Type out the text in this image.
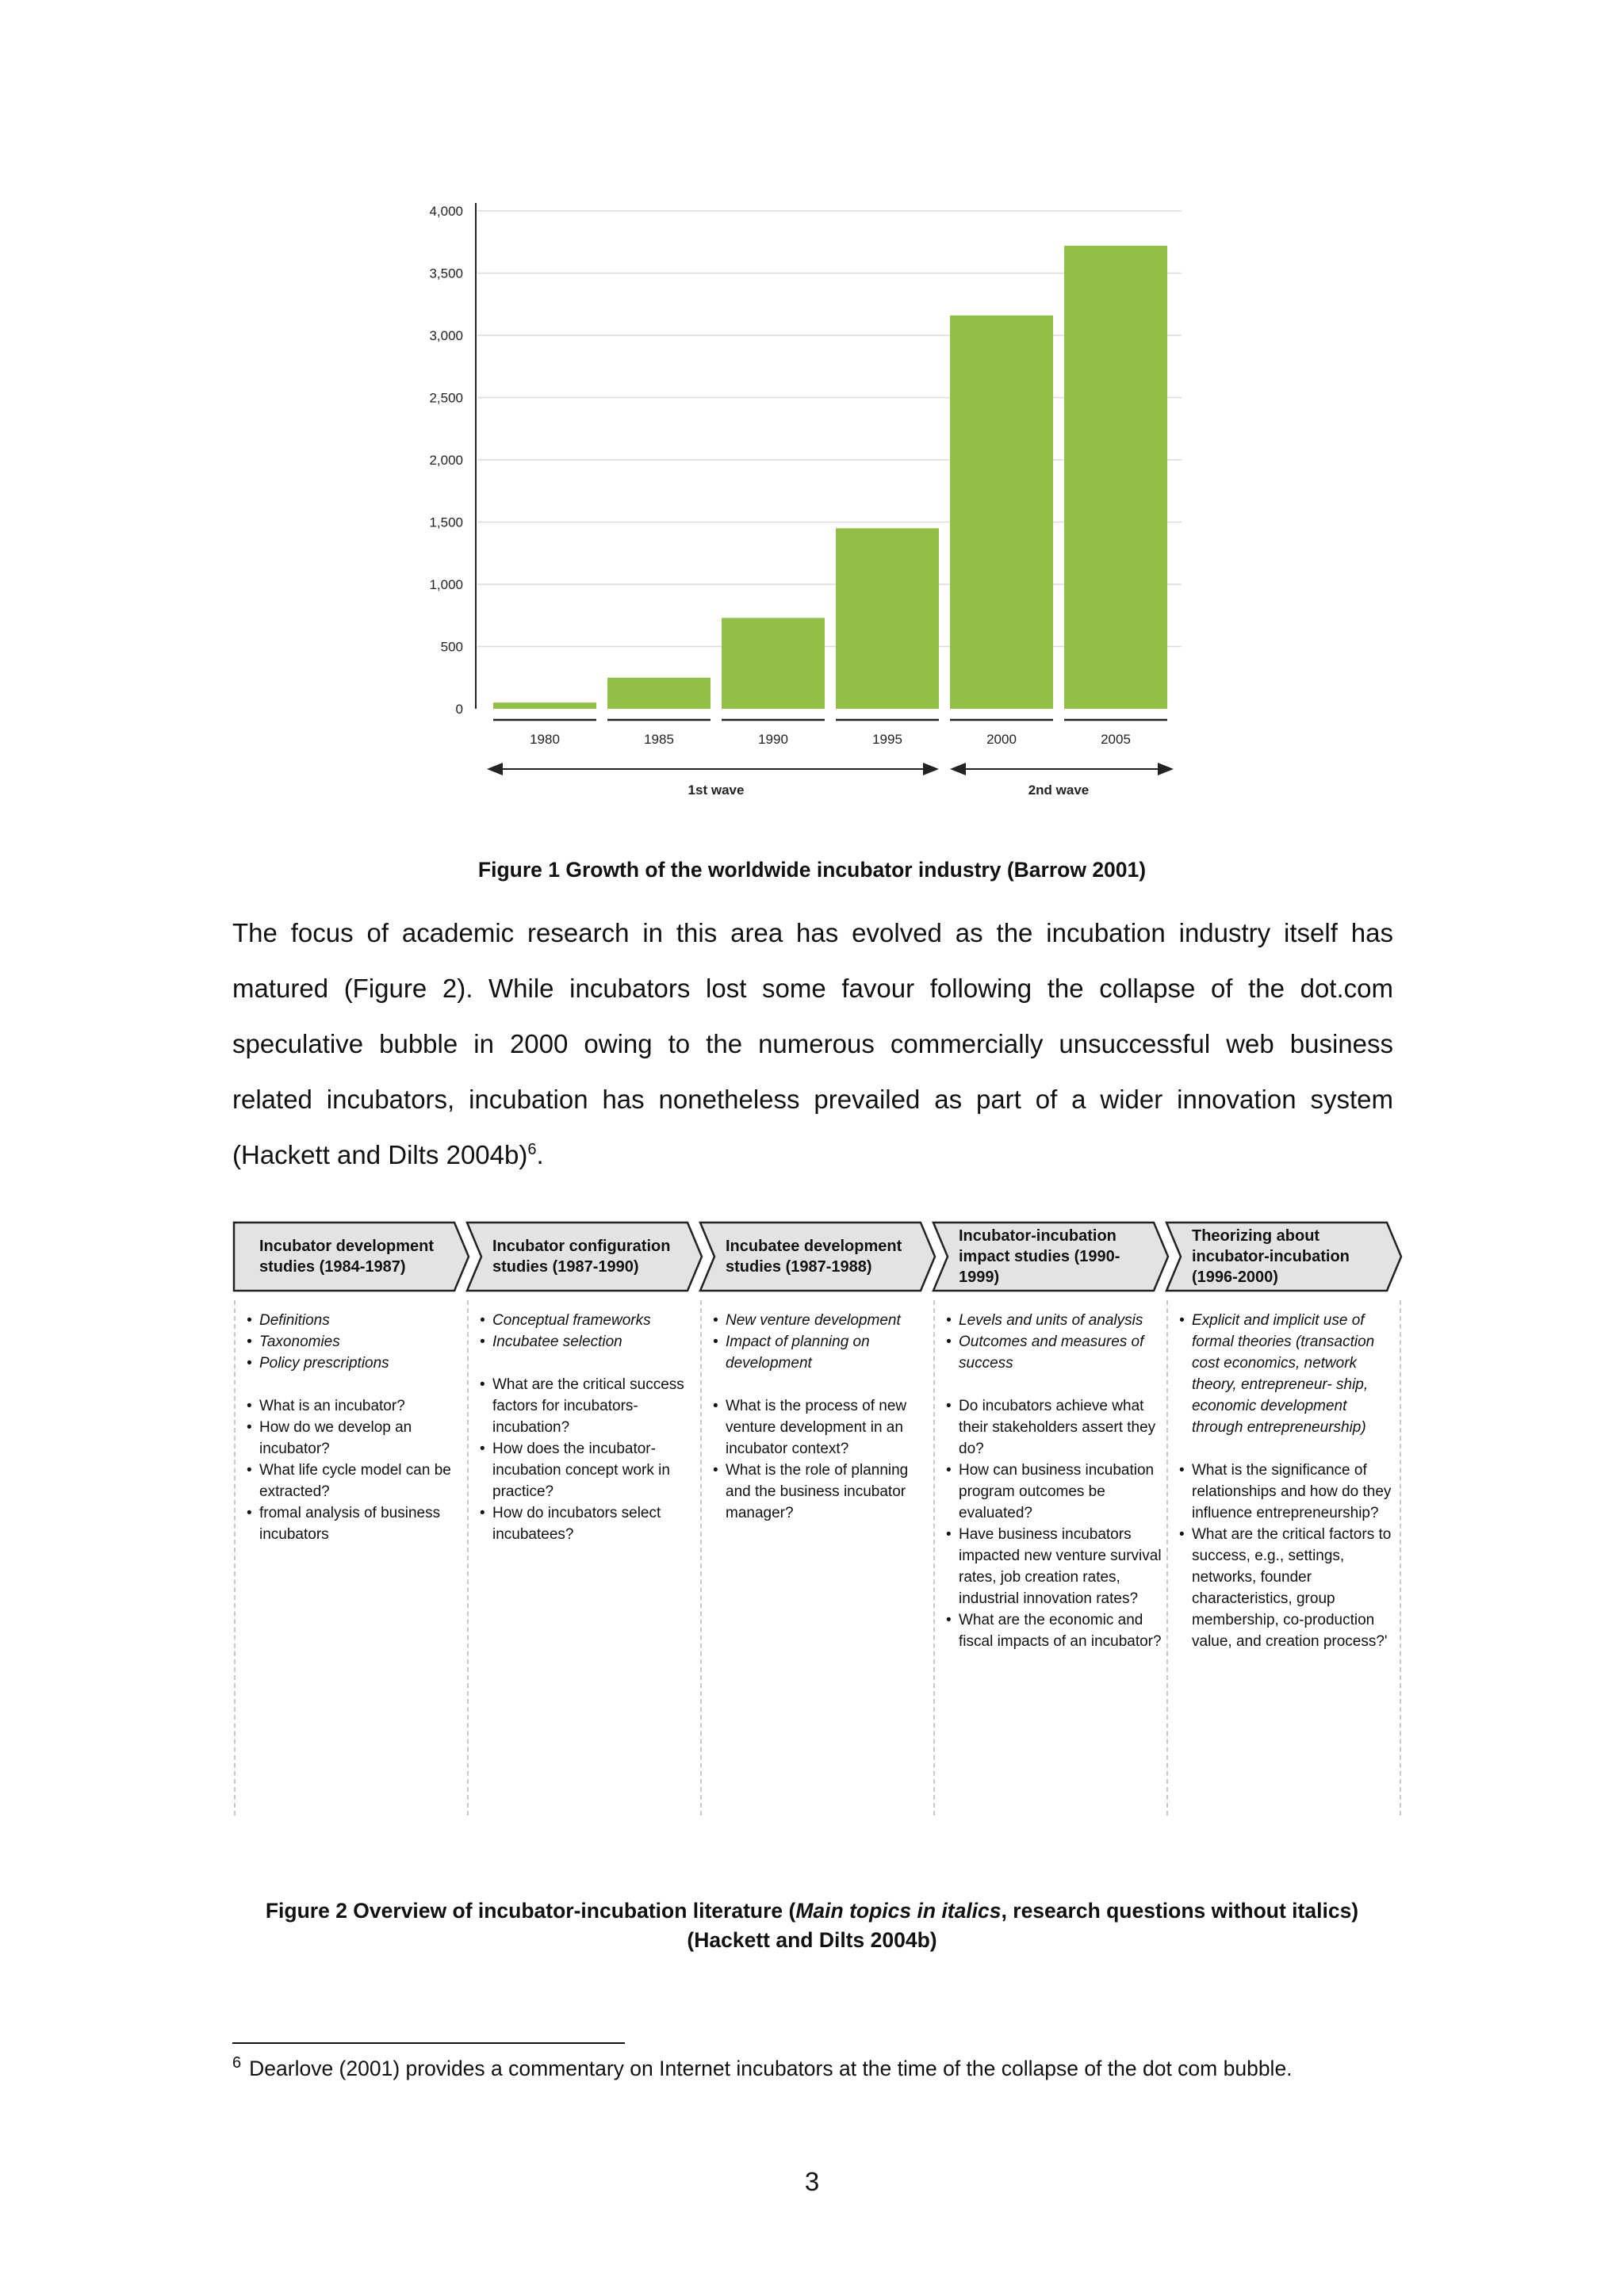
0
500
1,000
1,500
2,000
2,500
3,000
3,500
4,000
1980	1985	1990	1995	2000	2005
1st wave	2nd wave
Figure 1 Growth of the worldwide incubator industry (Barrow 2001)
The focus of academic research in this area has evolved as the incubation industry itself has
matured (Figure 2). While incubators lost some favour following the collapse of the dot.com
speculative bubble in 2000 owing to the numerous commercially unsuccessful web business
related incubators, incubation has nonetheless prevailed as part of a wider innovation system
(Hackett and Dilts 2004b)$^6$.
Incubator development studies (1984-1987)
• Definitions
• Taxonomies
• Policy prescriptions
• What is an incubator?
• How do we develop an incubator?
• What life cycle model can be extracted?
• fromal analysis of business incubators
Incubator configuration studies (1987-1990)
• Conceptual frameworks
• Incubatee selection
• What are the critical success factors for incubators-incubation?
• How does the incubator-incubation concept work in practice?
• How do incubators select incubatees?
Incubatee development studies (1987-1988)
• New venture development
• Impact of planning on development
• What is the process of new venture development in an incubator context?
• What is the role of planning and the business incubator manager?
Incubator-incubation impact studies (1990-1999)
• Levels and units of analysis
• Outcomes and measures of success
• Do incubators achieve what their stakeholders assert they do?
• How can business incubation program outcomes be evaluated?
• Have business incubators impacted new venture survival rates, job creation rates, industrial innovation rates?
• What are the economic and fiscal impacts of an incubator?
Theorizing about incubator-incubation (1996-2000)
• Explicit and implicit use of formal theories (transaction cost economics, network theory, entrepreneur- ship, economic development through entrepreneurship)
• What is the significance of relationships and how do they influence entrepreneurship?
• What are the critical factors to success, e.g., settings, networks, founder characteristics, group membership, co-production value, and creation process?'
Figure 2 Overview of incubator-incubation literature (Main topics in italics, research questions without italics)
(Hackett and Dilts 2004b)
$^6$ Dearlove (2001) provides a commentary on Internet incubators at the time of the collapse of the dot com bubble.
3
